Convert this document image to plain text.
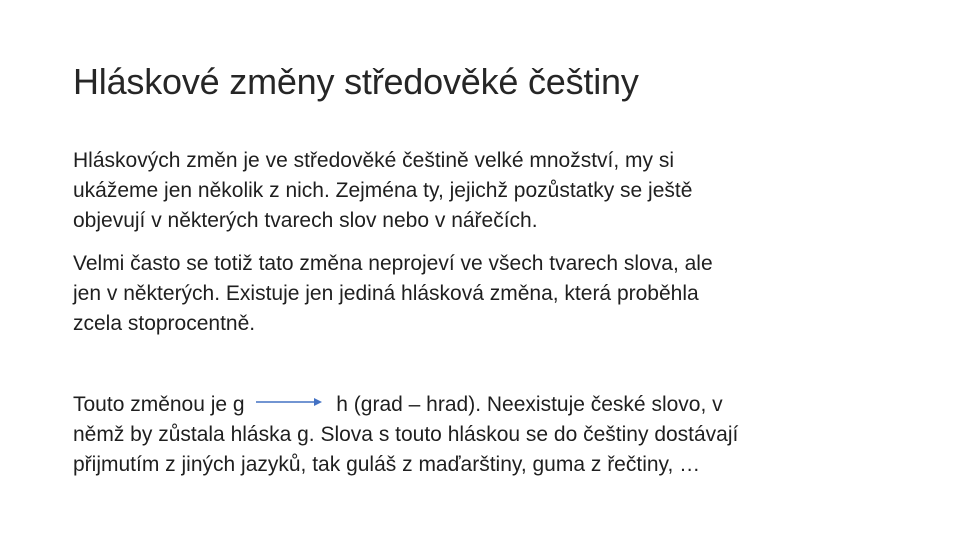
Hláskové změny středověké češtiny

Hláskových změn je ve středověké češtině velké množství, my si

ukážeme jen několik z nich. Zejména ty, jejichž pozůstatky se ještě

objevují v některých tvarech slov nebo v nářečích.

Velmi často se totiž tato změna neprojeví ve všech tvarech slova, ale

jen v některých. Existuje jen jediná hlásková změna, která proběhla

zcela stoprocentně.

Touto změnou je g	h (grad – hrad). Neexistuje české slovo, v

němž by zůstala hláska g. Slova s touto hláskou se do češtiny dostávají

přijmutím z jiných jazyků, tak guláš z maďarštiny, guma z řečtiny, …
